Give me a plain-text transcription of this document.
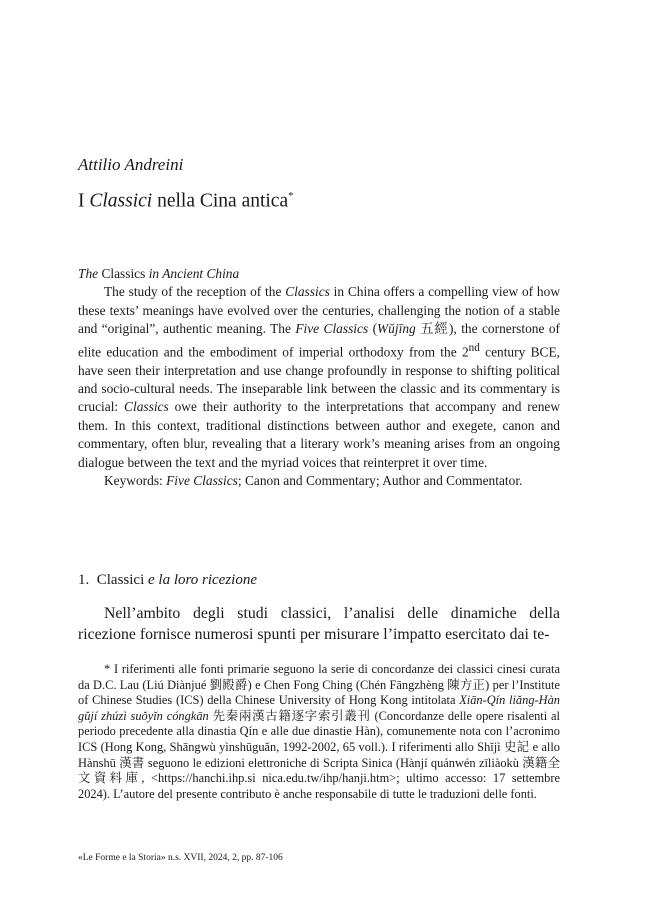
Attilio Andreini

I Classici nella Cina antica*

The Classics in Ancient China

The study of the reception of the Classics in China offers a compelling view of how these texts’ meanings have evolved over the centuries, challenging the notion of a stable and “original”, authentic meaning. The Five Classics (Wŭjīng 五經), the cornerstone of elite education and the embodiment of imperial orthodoxy from the 2nd century BCE, have seen their interpretation and use change profoundly in response to shifting political and socio-cultural needs. The inseparable link between the classic and its commentary is crucial: Classics owe their authority to the interpretations that accompany and renew them. In this context, traditional distinctions between author and exegete, canon and commentary, often blur, revealing that a literary work’s meaning arises from an ongoing dialogue between the text and the myriad voices that reinterpret it over time.

Keywords: Five Classics; Canon and Commentary; Author and Commentator.

1. Classici e la loro ricezione

Nell’ambito degli studi classici, l’analisi delle dinamiche della ricezione fornisce numerosi spunti per misurare l’impatto esercitato dai te-

* I riferimenti alle fonti primarie seguono la serie di concordanze dei classici cinesi curata da D.C. Lau (Liú Diànjué 劉殿爵) e Chen Fong Ching (Chén Fāngzhèng 陳方正) per l’Institute of Chinese Studies (ICS) della Chinese University of Hong Kong intitolata Xiān-Qín liăng-Hàn gŭjí zhúzì suŏyĭn cóngkān 先秦兩漢古籍逐字索引叢刊 (Concordanze delle opere risalenti al periodo precedente alla dinastia Qín e alle due dinastie Hàn), comunemente nota con l’acronimo ICS (Hong Kong, Shāngwù yìnshūguăn, 1992-2002, 65 voll.). I riferimenti allo Shĭjì 史記 e allo Hànshū 漢書 seguono le edizioni elettroniche di Scripta Sinica (Hànjí quánwén zīliàokù 漢籍全文資料庫, <https://hanchi.ihp.si nica.edu.tw/ihp/hanji.htm>; ultimo accesso: 17 settembre 2024). L’autore del presente contributo è anche responsabile di tutte le traduzioni delle fonti.

«Le Forme e la Storia» n.s. XVII, 2024, 2, pp. 87-106
